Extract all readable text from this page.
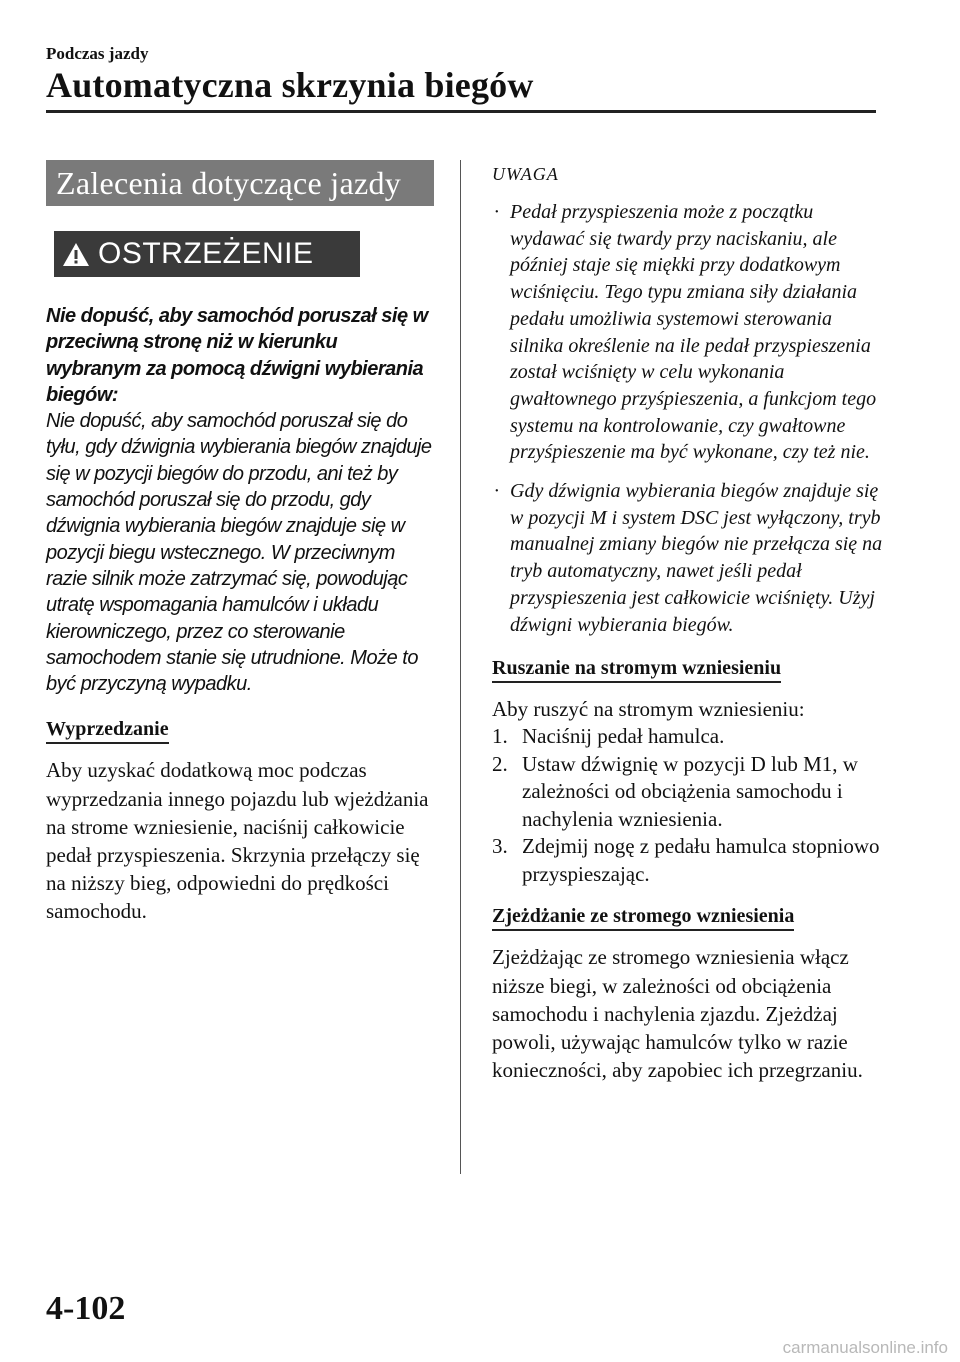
Podczas jazdy
Automatyczna skrzynia biegów
Zalecenia dotyczące jazdy
OSTRZEŻENIE
Nie dopuść, aby samochód poruszał się w przeciwną stronę niż w kierunku wybranym za pomocą dźwigni wybierania biegów:
Nie dopuść, aby samochód poruszał się do tyłu, gdy dźwignia wybierania biegów znajduje się w pozycji biegów do przodu, ani też by samochód poruszał się do przodu, gdy dźwignia wybierania biegów znajduje się w pozycji biegu wstecznego. W przeciwnym razie silnik może zatrzymać się, powodując utratę wspomagania hamulców i układu kierowniczego, przez co sterowanie samochodem stanie się utrudnione. Może to być przyczyną wypadku.
Wyprzedzanie
Aby uzyskać dodatkową moc podczas wyprzedzania innego pojazdu lub wjeżdżania na strome wzniesienie, naciśnij całkowicie pedał przyspieszenia. Skrzynia przełączy się na niższy bieg, odpowiedni do prędkości samochodu.
UWAGA
· Pedał przyspieszenia może z początku wydawać się twardy przy naciskaniu, ale później staje się miękki przy dodatkowym wciśnięciu. Tego typu zmiana siły działania pedału umożliwia systemowi sterowania silnika określenie na ile pedał przyspieszenia został wciśnięty w celu wykonania gwałtownego przyśpieszenia, a funkcjom tego systemu na kontrolowanie, czy gwałtowne przyśpieszenie ma być wykonane, czy też nie.
· Gdy dźwignia wybierania biegów znajduje się w pozycji M i system DSC jest wyłączony, tryb manualnej zmiany biegów nie przełącza się na tryb automatyczny, nawet jeśli pedał przyspieszenia jest całkowicie wciśnięty. Użyj dźwigni wybierania biegów.
Ruszanie na stromym wzniesieniu
Aby ruszyć na stromym wzniesieniu:
1. Naciśnij pedał hamulca.
2. Ustaw dźwignię w pozycji D lub M1, w zależności od obciążenia samochodu i nachylenia wzniesienia.
3. Zdejmij nogę z pedału hamulca stopniowo przyspieszając.
Zjeżdżanie ze stromego wzniesienia
Zjeżdżając ze stromego wzniesienia włącz niższe biegi, w zależności od obciążenia samochodu i nachylenia zjazdu. Zjeżdżaj powoli, używając hamulców tylko w razie konieczności, aby zapobiec ich przegrzaniu.
4-102
carmanualsonline.info
